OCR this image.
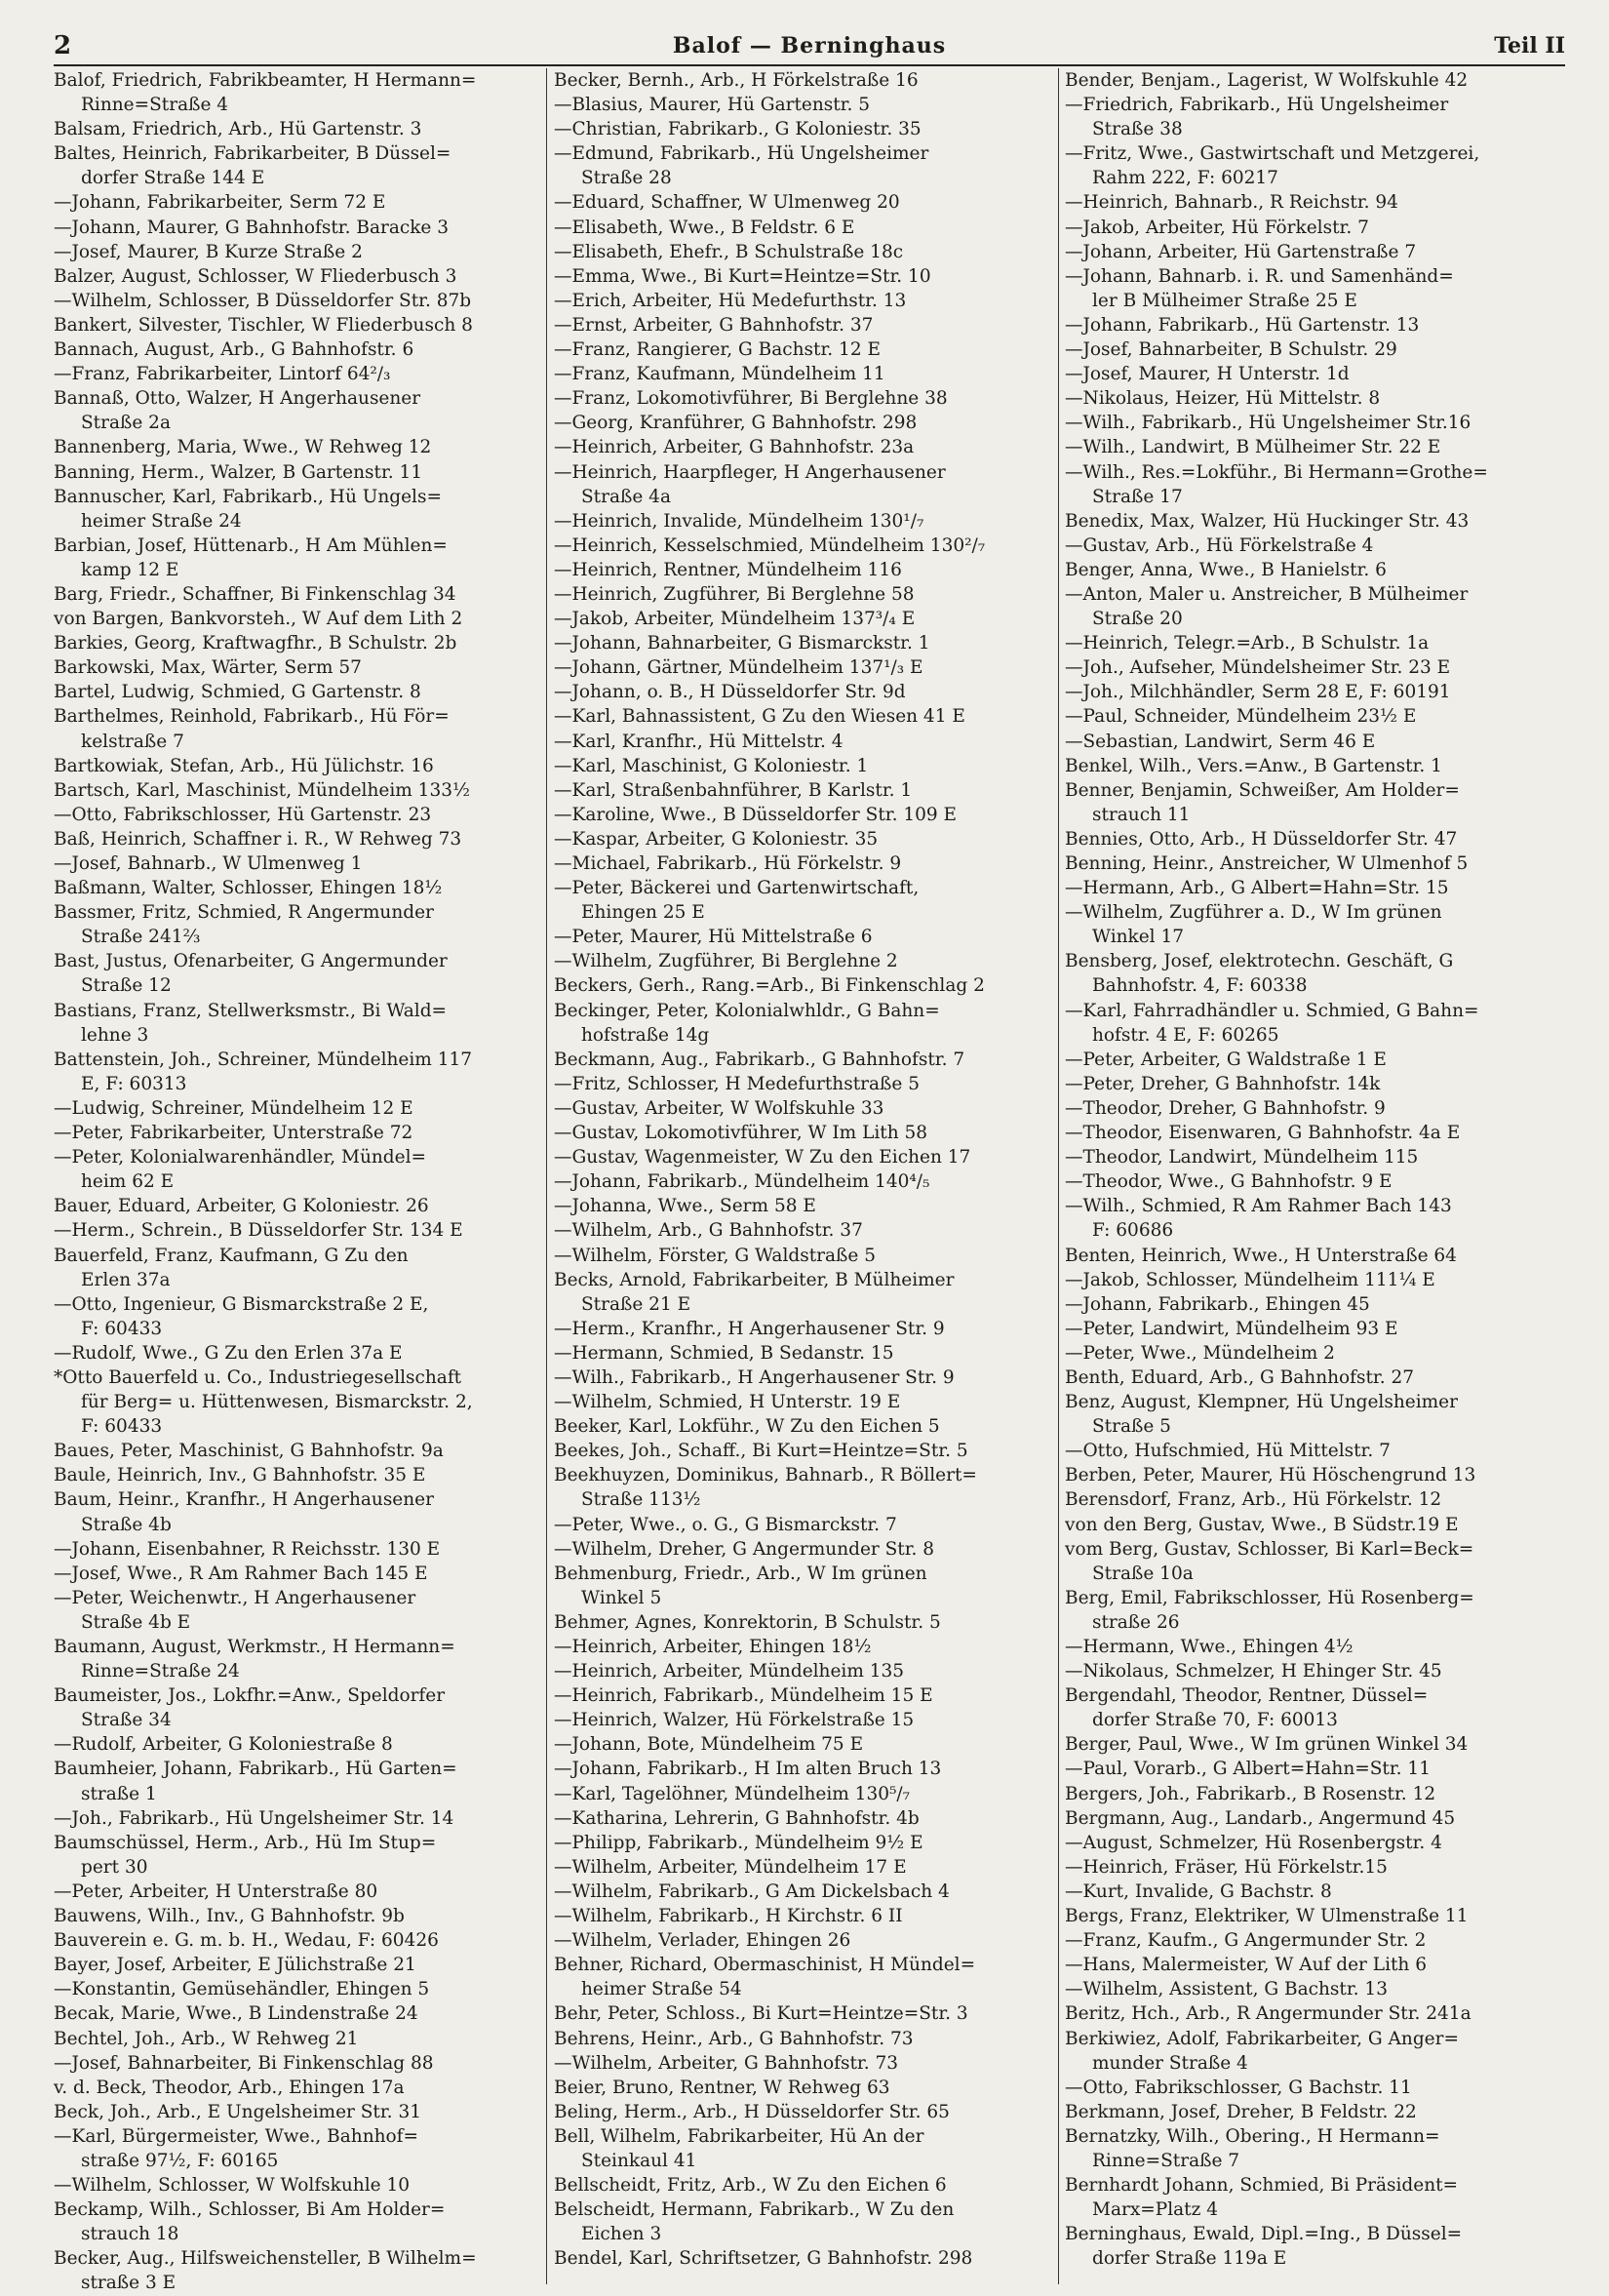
2	Balof — Berninghaus	Teil II
Balof, Friedrich, Fabrikbeamter, H Hermann=
Rinne=Straße 4
Balsam, Friedrich, Arb., Hü Gartenstr. 3
Baltes, Heinrich, Fabrikarbeiter, B Düssel=
dorfer Straße 144 E
—Johann, Fabrikarbeiter, Serm 72 E
—Johann, Maurer, G Bahnhofstr. Baracke 3
—Josef, Maurer, B Kurze Straße 2
Balzer, August, Schlosser, W Fliederbusch 3
—Wilhelm, Schlosser, B Düsseldorfer Str. 87b
Bankert, Silvester, Tischler, W Fliederbusch 8
Bannach, August, Arb., G Bahnhofstr. 6
—Franz, Fabrikarbeiter, Lintorf 64²/₃
Bannaß, Otto, Walzer, H Angerhausener
Straße 2a
Bannenberg, Maria, Wwe., W Rehweg 12
Banning, Herm., Walzer, B Gartenstr. 11
Bannuscher, Karl, Fabrikarb., Hü Ungels=
heimer Straße 24
Barbian, Josef, Hüttenarb., H Am Mühlen=
kamp 12 E
Barg, Friedr., Schaffner, Bi Finkenschlag 34
von Bargen, Bankvorsteh., W Auf dem Lith 2
Barkies, Georg, Kraftwagfhr., B Schulstr. 2b
Barkowski, Max, Wärter, Serm 57
Bartel, Ludwig, Schmied, G Gartenstr. 8
Barthelmes, Reinhold, Fabrikarb., Hü För=
kelstraße 7
Bartkowiak, Stefan, Arb., Hü Jülichstr. 16
Bartsch, Karl, Maschinist, Mündelheim 133½
—Otto, Fabrikschlosser, Hü Gartenstr. 23
Baß, Heinrich, Schaffner i. R., W Rehweg 73
—Josef, Bahnarb., W Ulmenweg 1
Baßmann, Walter, Schlosser, Ehingen 18½
Bassmer, Fritz, Schmied, R Angermunder
Straße 241⅔
Bast, Justus, Ofenarbeiter, G Angermunder
Straße 12
Bastians, Franz, Stellwerksmstr., Bi Wald=
lehne 3
Battenstein, Joh., Schreiner, Mündelheim 117
E, F: 60313
—Ludwig, Schreiner, Mündelheim 12 E
—Peter, Fabrikarbeiter, Unterstraße 72
—Peter, Kolonialwarenhändler, Mündel=
heim 62 E
Bauer, Eduard, Arbeiter, G Koloniestr. 26
—Herm., Schrein., B Düsseldorfer Str. 134 E
Bauerfeld, Franz, Kaufmann, G Zu den
Erlen 37a
—Otto, Ingenieur, G Bismarckstraße 2 E,
F: 60433
—Rudolf, Wwe., G Zu den Erlen 37a E
*Otto Bauerfeld u. Co., Industriegesellschaft
für Berg= u. Hüttenwesen, Bismarckstr. 2,
F: 60433
Baues, Peter, Maschinist, G Bahnhofstr. 9a
Baule, Heinrich, Inv., G Bahnhofstr. 35 E
Baum, Heinr., Kranfhr., H Angerhausener
Straße 4b
—Johann, Eisenbahner, R Reichsstr. 130 E
—Josef, Wwe., R Am Rahmer Bach 145 E
—Peter, Weichenwtr., H Angerhausener
Straße 4b E
Baumann, August, Werkmstr., H Hermann=
Rinne=Straße 24
Baumeister, Jos., Lokfhr.=Anw., Speldorfer
Straße 34
—Rudolf, Arbeiter, G Koloniestraße 8
Baumheier, Johann, Fabrikarb., Hü Garten=
straße 1
—Joh., Fabrikarb., Hü Ungelsheimer Str. 14
Baumschüssel, Herm., Arb., Hü Im Stup=
pert 30
—Peter, Arbeiter, H Unterstraße 80
Bauwens, Wilh., Inv., G Bahnhofstr. 9b
Bauverein e. G. m. b. H., Wedau, F: 60426
Bayer, Josef, Arbeiter, E Jülichstraße 21
—Konstantin, Gemüsehändler, Ehingen 5
Becak, Marie, Wwe., B Lindenstraße 24
Bechtel, Joh., Arb., W Rehweg 21
—Josef, Bahnarbeiter, Bi Finkenschlag 88
v. d. Beck, Theodor, Arb., Ehingen 17a
Beck, Joh., Arb., E Ungelsheimer Str. 31
—Karl, Bürgermeister, Wwe., Bahnhof=
straße 97½, F: 60165
—Wilhelm, Schlosser, W Wolfskuhle 10
Beckamp, Wilh., Schlosser, Bi Am Holder=
strauch 18
Becker, Aug., Hilfsweichensteller, B Wilhelm=
straße 3 E
Becker, Bernh., Arb., H Förkelstraße 16
—Blasius, Maurer, Hü Gartenstr. 5
—Christian, Fabrikarb., G Koloniestr. 35
—Edmund, Fabrikarb., Hü Ungelsheimer
Straße 28
—Eduard, Schaffner, W Ulmenweg 20
—Elisabeth, Wwe., B Feldstr. 6 E
—Elisabeth, Ehefr., B Schulstraße 18c
—Emma, Wwe., Bi Kurt=Heintze=Str. 10
—Erich, Arbeiter, Hü Medefurthstr. 13
—Ernst, Arbeiter, G Bahnhofstr. 37
—Franz, Rangierer, G Bachstr. 12 E
—Franz, Kaufmann, Mündelheim 11
—Franz, Lokomotivführer, Bi Berglehne 38
—Georg, Kranführer, G Bahnhofstr. 298
—Heinrich, Arbeiter, G Bahnhofstr. 23a
—Heinrich, Haarpfleger, H Angerhausener
Straße 4a
—Heinrich, Invalide, Mündelheim 130¹/₇
—Heinrich, Kesselschmied, Mündelheim 130²/₇
—Heinrich, Rentner, Mündelheim 116
—Heinrich, Zugführer, Bi Berglehne 58
—Jakob, Arbeiter, Mündelheim 137³/₄ E
—Johann, Bahnarbeiter, G Bismarckstr. 1
—Johann, Gärtner, Mündelheim 137¹/₃ E
—Johann, o. B., H Düsseldorfer Str. 9d
—Karl, Bahnassistent, G Zu den Wiesen 41 E
—Karl, Kranfhr., Hü Mittelstr. 4
—Karl, Maschinist, G Koloniestr. 1
—Karl, Straßenbahnführer, B Karlstr. 1
—Karoline, Wwe., B Düsseldorfer Str. 109 E
—Kaspar, Arbeiter, G Koloniestr. 35
—Michael, Fabrikarb., Hü Förkelstr. 9
—Peter, Bäckerei und Gartenwirtschaft,
Ehingen 25 E
—Peter, Maurer, Hü Mittelstraße 6
—Wilhelm, Zugführer, Bi Berglehne 2
Beckers, Gerh., Rang.=Arb., Bi Finkenschlag 2
Beckinger, Peter, Kolonialwhldr., G Bahn=
hofstraße 14g
Beckmann, Aug., Fabrikarb., G Bahnhofstr. 7
—Fritz, Schlosser, H Medefurthstraße 5
—Gustav, Arbeiter, W Wolfskuhle 33
—Gustav, Lokomotivführer, W Im Lith 58
—Gustav, Wagenmeister, W Zu den Eichen 17
—Johann, Fabrikarb., Mündelheim 140⁴/₅
—Johanna, Wwe., Serm 58 E
—Wilhelm, Arb., G Bahnhofstr. 37
—Wilhelm, Förster, G Waldstraße 5
Becks, Arnold, Fabrikarbeiter, B Mülheimer
Straße 21 E
—Herm., Kranfhr., H Angerhausener Str. 9
—Hermann, Schmied, B Sedanstr. 15
—Wilh., Fabrikarb., H Angerhausener Str. 9
—Wilhelm, Schmied, H Unterstr. 19 E
Beeker, Karl, Lokführ., W Zu den Eichen 5
Beekes, Joh., Schaff., Bi Kurt=Heintze=Str. 5
Beekhuyzen, Dominikus, Bahnarb., R Böllert=
Straße 113½
—Peter, Wwe., o. G., G Bismarckstr. 7
—Wilhelm, Dreher, G Angermunder Str. 8
Behmenburg, Friedr., Arb., W Im grünen
Winkel 5
Behmer, Agnes, Konrektorin, B Schulstr. 5
—Heinrich, Arbeiter, Ehingen 18½
—Heinrich, Arbeiter, Mündelheim 135
—Heinrich, Fabrikarb., Mündelheim 15 E
—Heinrich, Walzer, Hü Förkelstraße 15
—Johann, Bote, Mündelheim 75 E
—Johann, Fabrikarb., H Im alten Bruch 13
—Karl, Tagelöhner, Mündelheim 130⁵/₇
—Katharina, Lehrerin, G Bahnhofstr. 4b
—Philipp, Fabrikarb., Mündelheim 9½ E
—Wilhelm, Arbeiter, Mündelheim 17 E
—Wilhelm, Fabrikarb., G Am Dickelsbach 4
—Wilhelm, Fabrikarb., H Kirchstr. 6 II
—Wilhelm, Verlader, Ehingen 26
Behner, Richard, Obermaschinist, H Mündel=
heimer Straße 54
Behr, Peter, Schloss., Bi Kurt=Heintze=Str. 3
Behrens, Heinr., Arb., G Bahnhofstr. 73
—Wilhelm, Arbeiter, G Bahnhofstr. 73
Beier, Bruno, Rentner, W Rehweg 63
Beling, Herm., Arb., H Düsseldorfer Str. 65
Bell, Wilhelm, Fabrikarbeiter, Hü An der
Steinkaul 41
Bellscheidt, Fritz, Arb., W Zu den Eichen 6
Belscheidt, Hermann, Fabrikarb., W Zu den
Eichen 3
Bendel, Karl, Schriftsetzer, G Bahnhofstr. 298
Bender, Benjam., Lagerist, W Wolfskuhle 42
—Friedrich, Fabrikarb., Hü Ungelsheimer
Straße 38
—Fritz, Wwe., Gastwirtschaft und Metzgerei,
Rahm 222, F: 60217
—Heinrich, Bahnarb., R Reichstr. 94
—Jakob, Arbeiter, Hü Förkelstr. 7
—Johann, Arbeiter, Hü Gartenstraße 7
—Johann, Bahnarb. i. R. und Samenhänd=
ler B Mülheimer Straße 25 E
—Johann, Fabrikarb., Hü Gartenstr. 13
—Josef, Bahnarbeiter, B Schulstr. 29
—Josef, Maurer, H Unterstr. 1d
—Nikolaus, Heizer, Hü Mittelstr. 8
—Wilh., Fabrikarb., Hü Ungelsheimer Str.16
—Wilh., Landwirt, B Mülheimer Str. 22 E
—Wilh., Res.=Lokführ., Bi Hermann=Grothe=
Straße 17
Benedix, Max, Walzer, Hü Huckinger Str. 43
—Gustav, Arb., Hü Förkelstraße 4
Benger, Anna, Wwe., B Hanielstr. 6
—Anton, Maler u. Anstreicher, B Mülheimer
Straße 20
—Heinrich, Telegr.=Arb., B Schulstr. 1a
—Joh., Aufseher, Mündelsheimer Str. 23 E
—Joh., Milchhändler, Serm 28 E, F: 60191
—Paul, Schneider, Mündelheim 23½ E
—Sebastian, Landwirt, Serm 46 E
Benkel, Wilh., Vers.=Anw., B Gartenstr. 1
Benner, Benjamin, Schweißer, Am Holder=
strauch 11
Bennies, Otto, Arb., H Düsseldorfer Str. 47
Benning, Heinr., Anstreicher, W Ulmenhof 5
—Hermann, Arb., G Albert=Hahn=Str. 15
—Wilhelm, Zugführer a. D., W Im grünen
Winkel 17
Bensberg, Josef, elektrotechn. Geschäft, G
Bahnhofstr. 4, F: 60338
—Karl, Fahrradhändler u. Schmied, G Bahn=
hofstr. 4 E, F: 60265
—Peter, Arbeiter, G Waldstraße 1 E
—Peter, Dreher, G Bahnhofstr. 14k
—Theodor, Dreher, G Bahnhofstr. 9
—Theodor, Eisenwaren, G Bahnhofstr. 4a E
—Theodor, Landwirt, Mündelheim 115
—Theodor, Wwe., G Bahnhofstr. 9 E
—Wilh., Schmied, R Am Rahmer Bach 143
F: 60686
Benten, Heinrich, Wwe., H Unterstraße 64
—Jakob, Schlosser, Mündelheim 111¼ E
—Johann, Fabrikarb., Ehingen 45
—Peter, Landwirt, Mündelheim 93 E
—Peter, Wwe., Mündelheim 2
Benth, Eduard, Arb., G Bahnhofstr. 27
Benz, August, Klempner, Hü Ungelsheimer
Straße 5
—Otto, Hufschmied, Hü Mittelstr. 7
Berben, Peter, Maurer, Hü Höschengrund 13
Berensdorf, Franz, Arb., Hü Förkelstr. 12
von den Berg, Gustav, Wwe., B Südstr.19 E
vom Berg, Gustav, Schlosser, Bi Karl=Beck=
Straße 10a
Berg, Emil, Fabrikschlosser, Hü Rosenberg=
straße 26
—Hermann, Wwe., Ehingen 4½
—Nikolaus, Schmelzer, H Ehinger Str. 45
Bergendahl, Theodor, Rentner, Düssel=
dorfer Straße 70, F: 60013
Berger, Paul, Wwe., W Im grünen Winkel 34
—Paul, Vorarb., G Albert=Hahn=Str. 11
Bergers, Joh., Fabrikarb., B Rosenstr. 12
Bergmann, Aug., Landarb., Angermund 45
—August, Schmelzer, Hü Rosenbergstr. 4
—Heinrich, Fräser, Hü Förkelstr.15
—Kurt, Invalide, G Bachstr. 8
Bergs, Franz, Elektriker, W Ulmenstraße 11
—Franz, Kaufm., G Angermunder Str. 2
—Hans, Malermeister, W Auf der Lith 6
—Wilhelm, Assistent, G Bachstr. 13
Beritz, Hch., Arb., R Angermunder Str. 241a
Berkiwiez, Adolf, Fabrikarbeiter, G Anger=
munder Straße 4
—Otto, Fabrikschlosser, G Bachstr. 11
Berkmann, Josef, Dreher, B Feldstr. 22
Bernatzky, Wilh., Obering., H Hermann=
Rinne=Straße 7
Bernhardt Johann, Schmied, Bi Präsident=
Marx=Platz 4
Berninghaus, Ewald, Dipl.=Ing., B Düssel=
dorfer Straße 119a E
